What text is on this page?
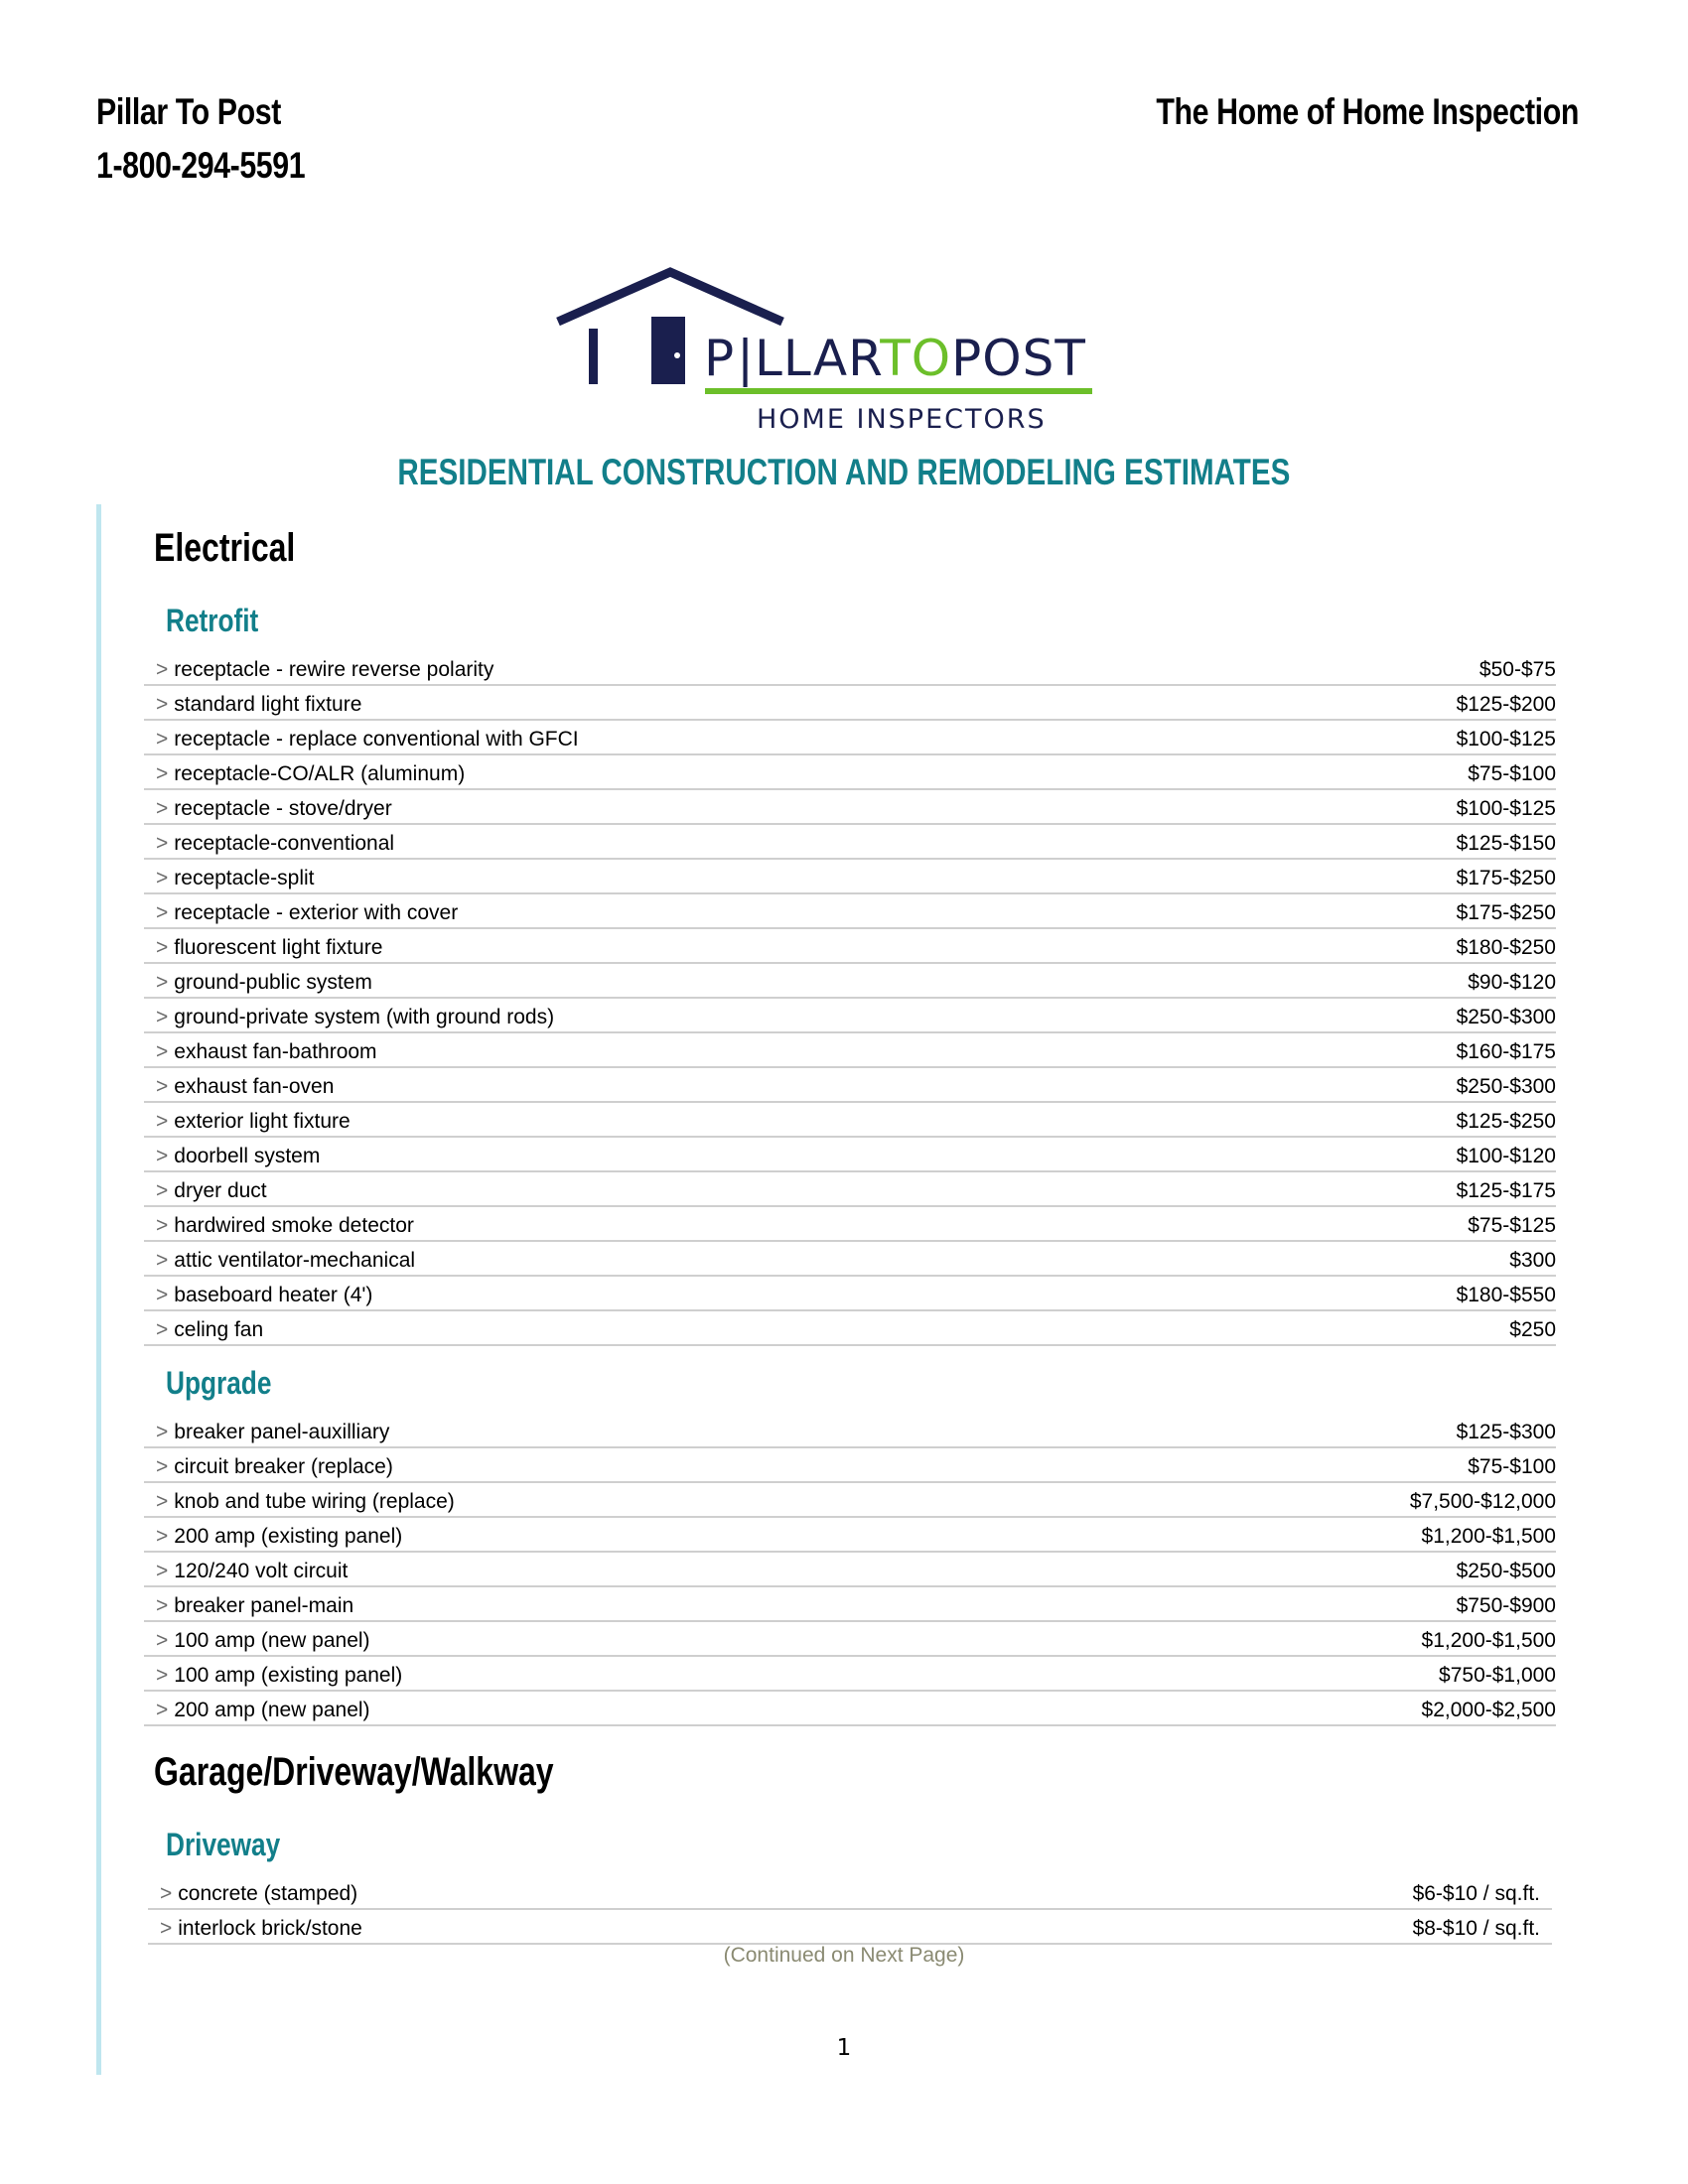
Pillar To Post
1-800-294-5591
The Home of Home Inspection
P|LLARTOPOST
HOME INSPECTORS
RESIDENTIAL CONSTRUCTION AND REMODELING ESTIMATES
Electrical
Retrofit
> receptacle - rewire reverse polarity	$50-$75
> standard light fixture	$125-$200
> receptacle - replace conventional with GFCI	$100-$125
> receptacle-CO/ALR (aluminum)	$75-$100
> receptacle - stove/dryer	$100-$125
> receptacle-conventional	$125-$150
> receptacle-split	$175-$250
> receptacle - exterior with cover	$175-$250
> fluorescent light fixture	$180-$250
> ground-public system	$90-$120
> ground-private system (with ground rods)	$250-$300
> exhaust fan-bathroom	$160-$175
> exhaust fan-oven	$250-$300
> exterior light fixture	$125-$250
> doorbell system	$100-$120
> dryer duct	$125-$175
> hardwired smoke detector	$75-$125
> attic ventilator-mechanical	$300
> baseboard heater (4')	$180-$550
> celing fan	$250
Upgrade
> breaker panel-auxilliary	$125-$300
> circuit breaker (replace)	$75-$100
> knob and tube wiring (replace)	$7,500-$12,000
> 200 amp (existing panel)	$1,200-$1,500
> 120/240 volt circuit	$250-$500
> breaker panel-main	$750-$900
> 100 amp (new panel)	$1,200-$1,500
> 100 amp (existing panel)	$750-$1,000
> 200 amp (new panel)	$2,000-$2,500
Garage/Driveway/Walkway
Driveway
> concrete (stamped)	$6-$10 / sq.ft.
> interlock brick/stone	$8-$10 / sq.ft.
(Continued on Next Page)
1
